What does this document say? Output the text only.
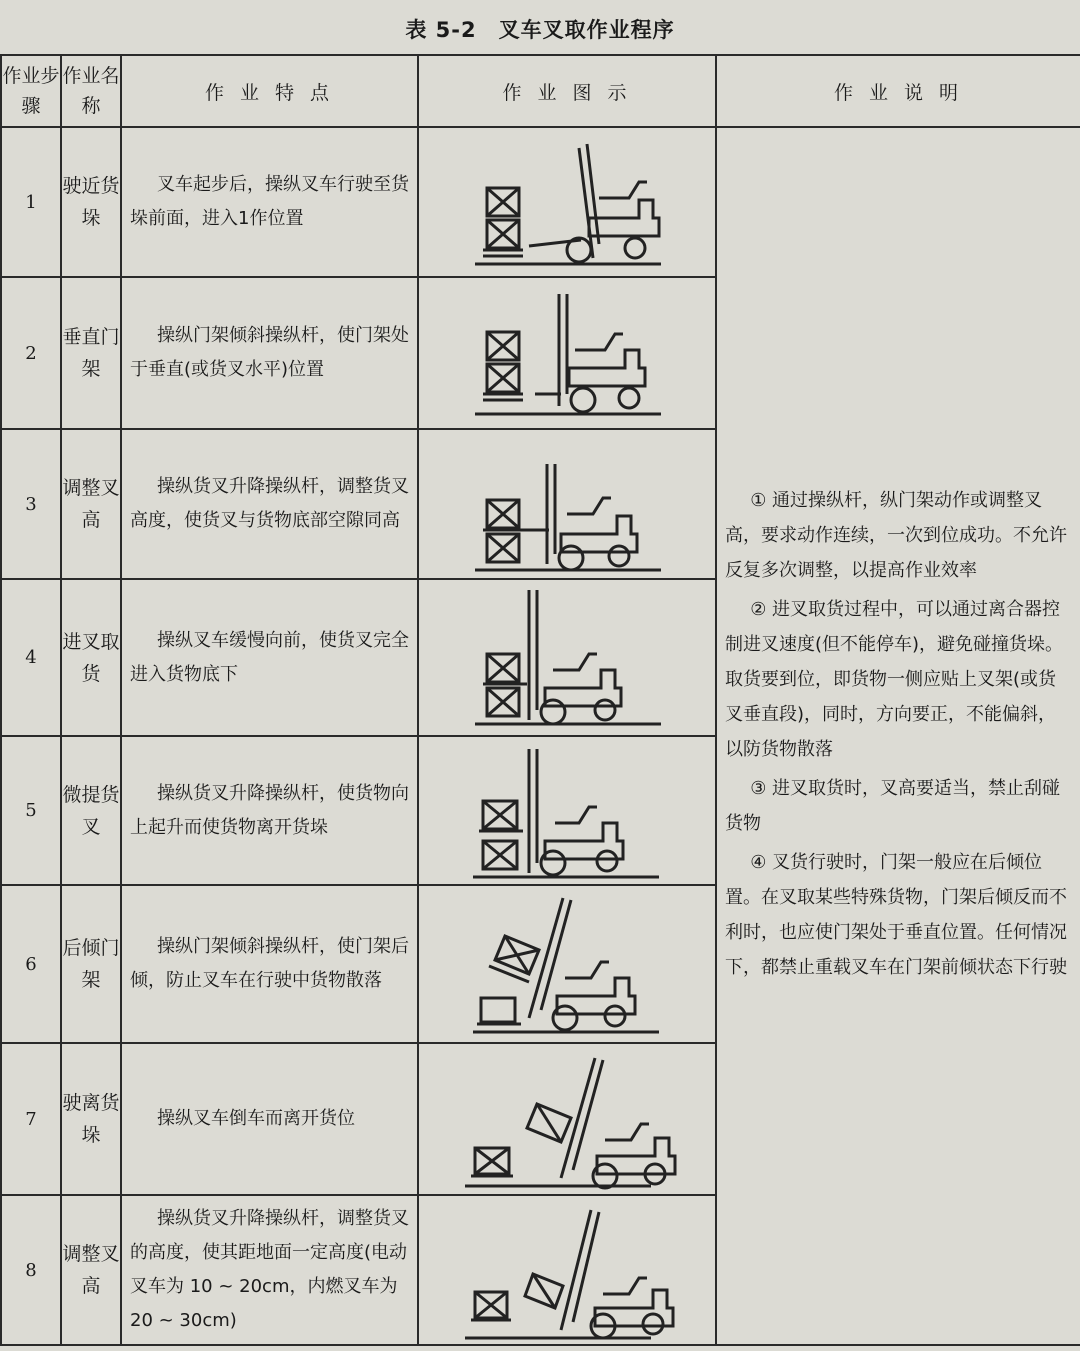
表 5-2　叉车叉取作业程序
作业步骤	作业名称	作 业 特 点	作 业 图 示	作 业 说 明
1	驶近货垛	叉车起步后，操纵叉车行驶至货垛前面，进入1作位置		① 通过操纵杆，纵门架动作或调整叉高，要求动作连续，一次到位成功。不允许反复多次调整，以提高作业效率

② 进叉取货过程中，可以通过离合器控制进叉速度(但不能停车)，避免碰撞货垛。取货要到位，即货物一侧应贴上叉架(或货叉垂直段)，同时，方向要正，不能偏斜，以防货物散落

③ 进叉取货时，叉高要适当，禁止刮碰货物

④ 叉货行驶时，门架一般应在后倾位置。在叉取某些特殊货物，门架后倾反而不利时，也应使门架处于垂直位置。任何情况下，都禁止重载叉车在门架前倾状态下行驶

2	垂直门架	操纵门架倾斜操纵杆，使门架处于垂直(或货叉水平)位置	

3	调整叉高	操纵货叉升降操纵杆，调整货叉高度，使货叉与货物底部空隙同高	

4	进叉取货	操纵叉车缓慢向前，使货叉完全进入货物底下	

5	微提货叉	操纵货叉升降操纵杆，使货物向上起升而使货物离开货垛	

6	后倾门架	操纵门架倾斜操纵杆，使门架后倾，防止叉车在行驶中货物散落	

7	驶离货垛	操纵叉车倒车而离开货位	

8	调整叉高	操纵货叉升降操纵杆，调整货叉的高度，使其距地面一定高度(电动叉车为 10 ~ 20cm，内燃叉车为 20 ~ 30cm)	
